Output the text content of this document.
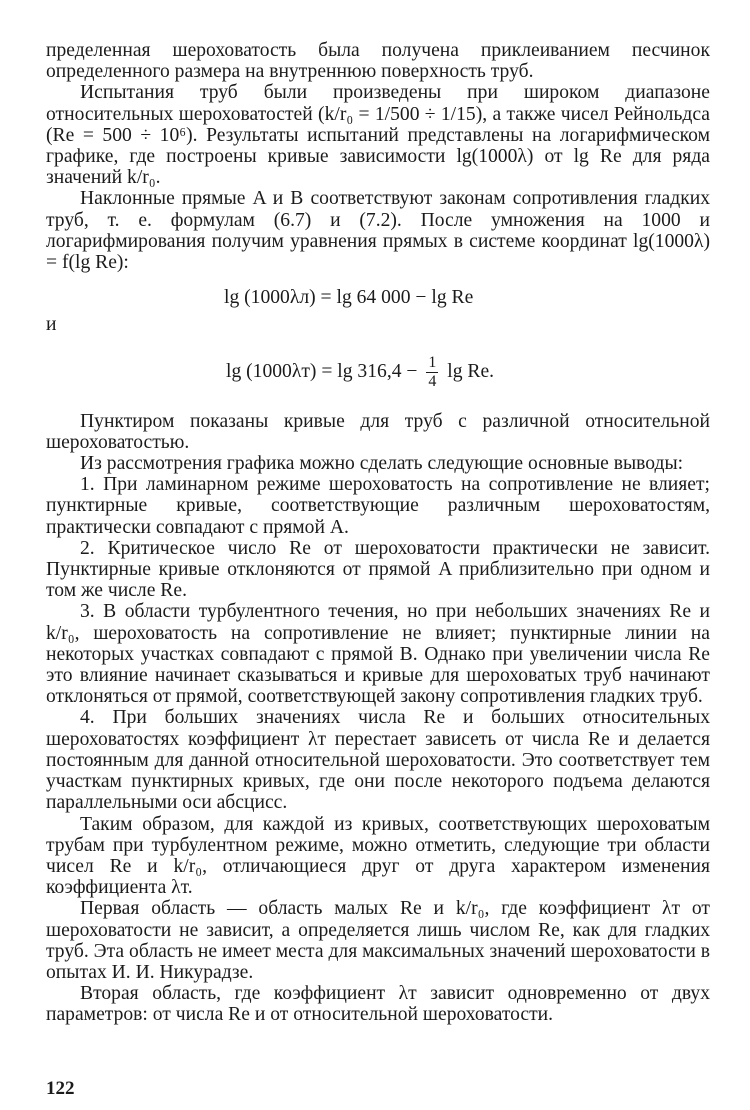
пределенная шероховатость была получена приклеиванием песчинок определенного размера на внутреннюю поверхность труб.

Испытания труб были произведены при широком диапазоне относительных шероховатостей (k/r₀ = 1/500 ÷ 1/15), а также чисел Рейнольдса (Re = 500 ÷ 10⁶). Результаты испытаний представлены на логарифмическом графике, где построены кривые зависимости lg(1000λ) от lg Re для ряда значений k/r₀.

Наклонные прямые A и B соответствуют законам сопротивления гладких труб, т. е. формулам (6.7) и (7.2). После умножения на 1000 и логарифмирования получим уравнения прямых в системе координат lg(1000λ) = f(lg Re):

lg (1000λл) = lg 64 000 − lg Re
и
$\lg (1000\lambda т) = \lg 316,4 - \frac{1}{4}$ lg Re.

Пунктиром показаны кривые для труб с различной относительной шероховатостью.

Из рассмотрения графика можно сделать следующие основные выводы:

1. При ламинарном режиме шероховатость на сопротивление не влияет; пунктирные кривые, соответствующие различным шероховатостям, практически совпадают с прямой A.

2. Критическое число Re от шероховатости практически не зависит. Пунктирные кривые отклоняются от прямой A приблизительно при одном и том же числе Re.

3. В области турбулентного течения, но при небольших значениях Re и k/r₀, шероховатость на сопротивление не влияет; пунктирные линии на некоторых участках совпадают с прямой B. Однако при увеличении числа Re это влияние начинает сказываться и кривые для шероховатых труб начинают отклоняться от прямой, соответствующей закону сопротивления гладких труб.

4. При больших значениях числа Re и больших относительных шероховатостях коэффициент λт перестает зависеть от числа Re и делается постоянным для данной относительной шероховатости. Это соответствует тем участкам пунктирных кривых, где они после некоторого подъема делаются параллельными оси абсцисс.

Таким образом, для каждой из кривых, соответствующих шероховатым трубам при турбулентном режиме, можно отметить, следующие три области чисел Re и k/r₀, отличающиеся друг от друга характером изменения коэффициента λт.

Первая область — область малых Re и k/r₀, где коэффициент λт от шероховатости не зависит, а определяется лишь числом Re, как для гладких труб. Эта область не имеет места для максимальных значений шероховатости в опытах И. И. Никурадзе.

Вторая область, где коэффициент λт зависит одновременно от двух параметров: от числа Re и от относительной шероховатости.

122
